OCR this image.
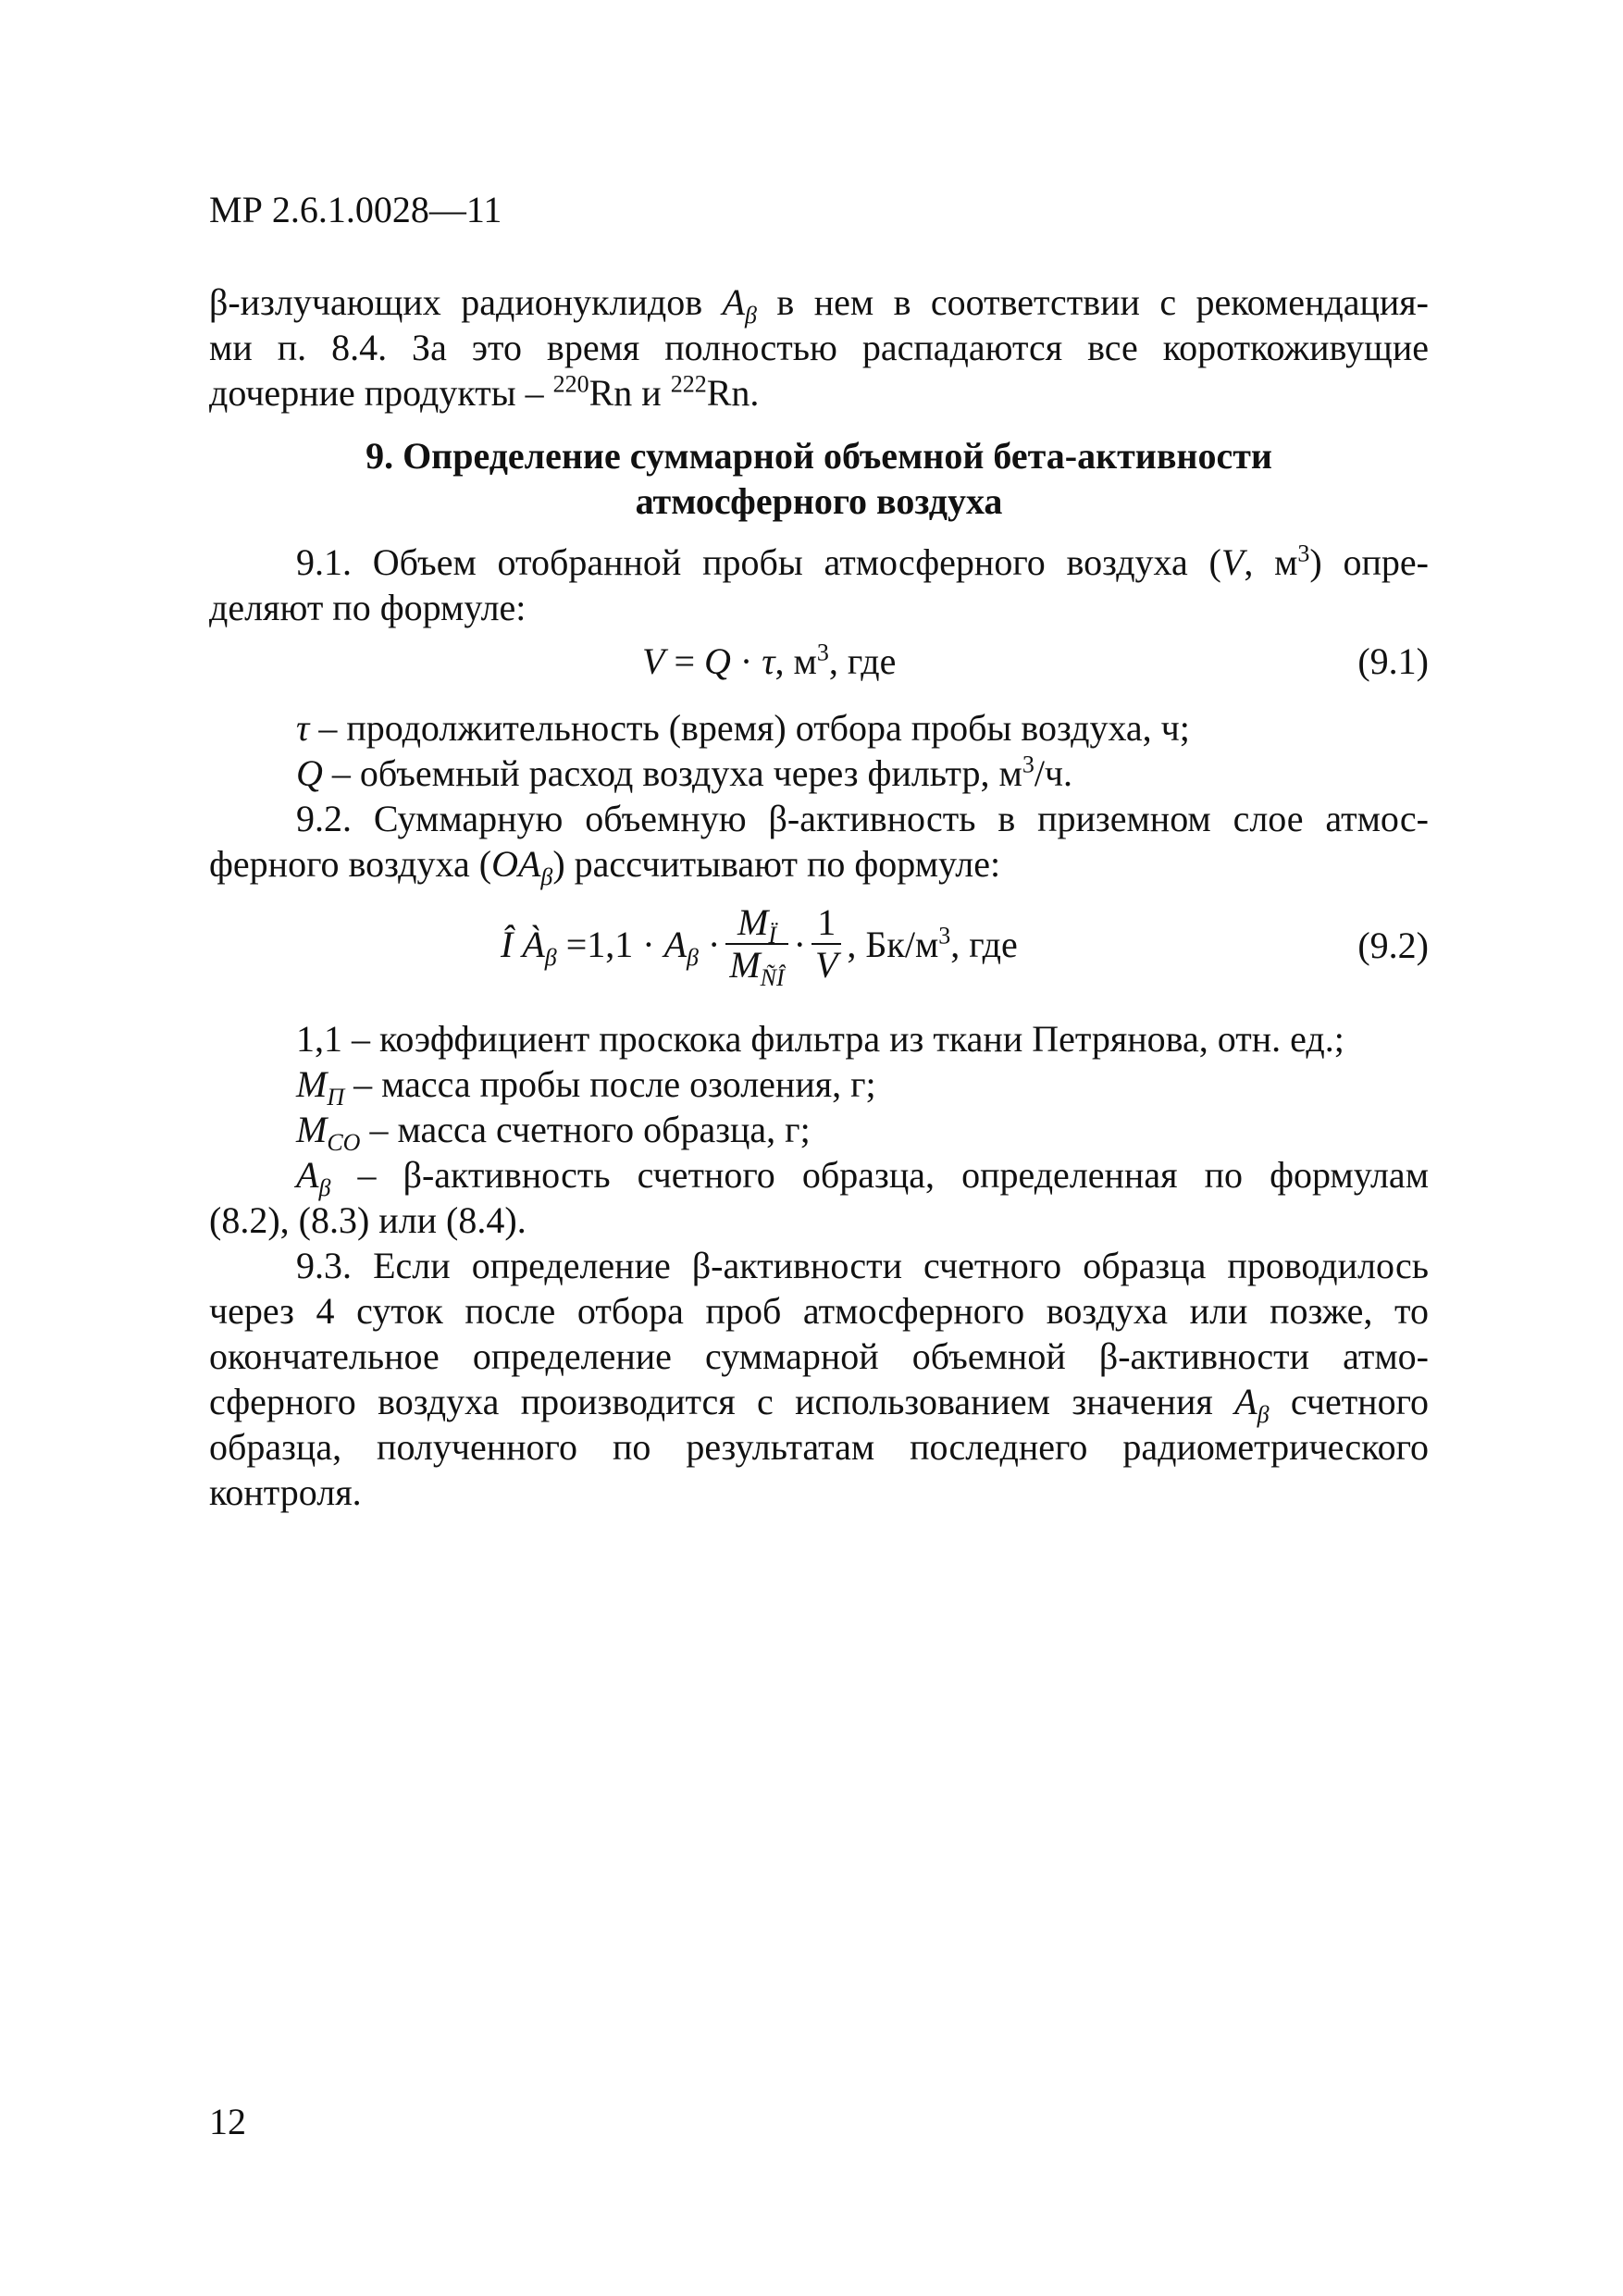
МР 2.6.1.0028—11
β-излучающих радионуклидов $A_\beta$ в нем в соответствии с рекомендация-
ми п. 8.4. За это время полностью распадаются все короткоживущие
дочерние продукты – $^{220}$Rn и $^{222}$Rn.
9. Определение суммарной объемной бета-активности
атмосферного воздуха
9.1. Объем отобранной пробы атмосферного воздуха (V, $м^3$) опре-
деляют по формуле:
V = Q · τ, $м^3$, где	(9.1)
τ – продолжительность (время) отбора пробы воздуха, ч;
Q – объемный расход воздуха через фильтр, $м^3/ч$.
9.2. Суммарную объемную β-активность в приземном слое атмос-
ферного воздуха $(OA_\beta)$ рассчитывают по формуле:
Î $À_\beta =1,1 \cdot A_\beta \cdot \frac{M_Ï}{M_{ÑÎ}} \cdot \frac{1}{V}$ , $Бк/м^3$, где	(9.2)
1,1 – коэффициент проскока фильтра из ткани Петрянова, отн. ед.;
$M_П$ – масса пробы после озоления, г;
$M_{CO}$ – масса счетного образца, г;
$A_\beta$ – β-активность счетного образца, определенная по формулам
(8.2), (8.3) или (8.4).
9.3. Если определение β-активности счетного образца проводилось
через 4 суток после отбора проб атмосферного воздуха или позже, то
окончательное определение суммарной объемной β-активности атмо-
сферного воздуха производится с использованием значения $A_\beta$ счетного
образца, полученного по результатам последнего радиометрического
контроля.
12
